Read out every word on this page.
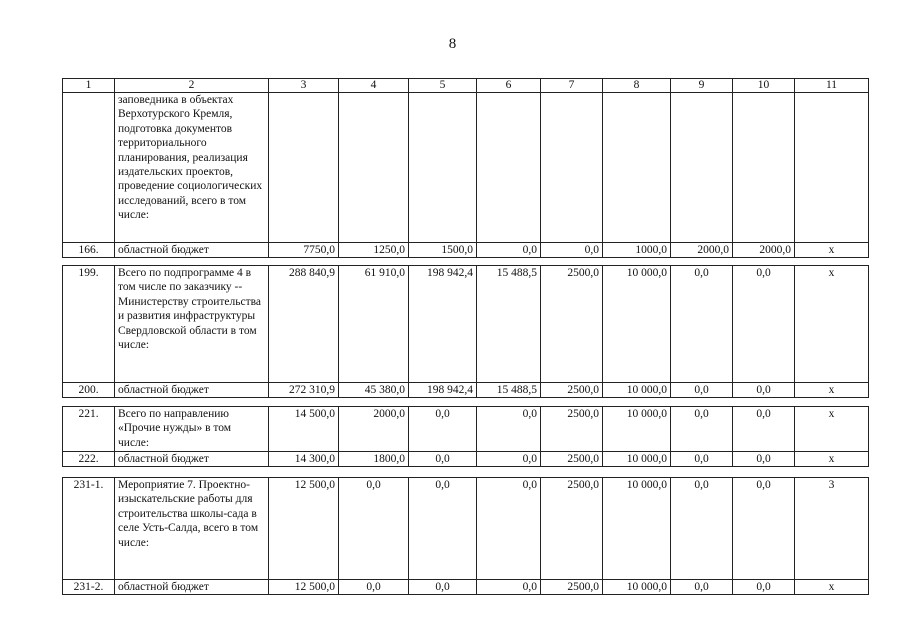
8
1	2	3	4	5	6	7	8	9	10	11
	заповедника в объектах Верхотурского Кремля, подготовка документов территориального планирования, реализация издательских проектов, проведение социологических исследований, всего в том числе:									
166.	областной бюджет	7750,0	1250,0	1500,0	0,0	0,0	1000,0	2000,0	2000,0	x
199.	Всего по подпрограмме 4 в том числе по заказчику -- Министерству строительства и развития инфраструктуры Свердловской области в том числе:	288 840,9	61 910,0	198 942,4	15 488,5	2500,0	10 000,0	0,0	0,0	x
200.	областной бюджет	272 310,9	45 380,0	198 942,4	15 488,5	2500,0	10 000,0	0,0	0,0	x
221.	Всего по направлению «Прочие нужды» в том числе:	14 500,0	2000,0	0,0	0,0	2500,0	10 000,0	0,0	0,0	x
222.	областной бюджет	14 300,0	1800,0	0,0	0,0	2500,0	10 000,0	0,0	0,0	x
231-1.	Мероприятие 7. Проектно-изыскательские работы для строительства школы-сада в селе Усть-Салда, всего в том числе:	12 500,0	0,0	0,0	0,0	2500,0	10 000,0	0,0	0,0	3
231-2.	областной бюджет	12 500,0	0,0	0,0	0,0	2500,0	10 000,0	0,0	0,0	x
